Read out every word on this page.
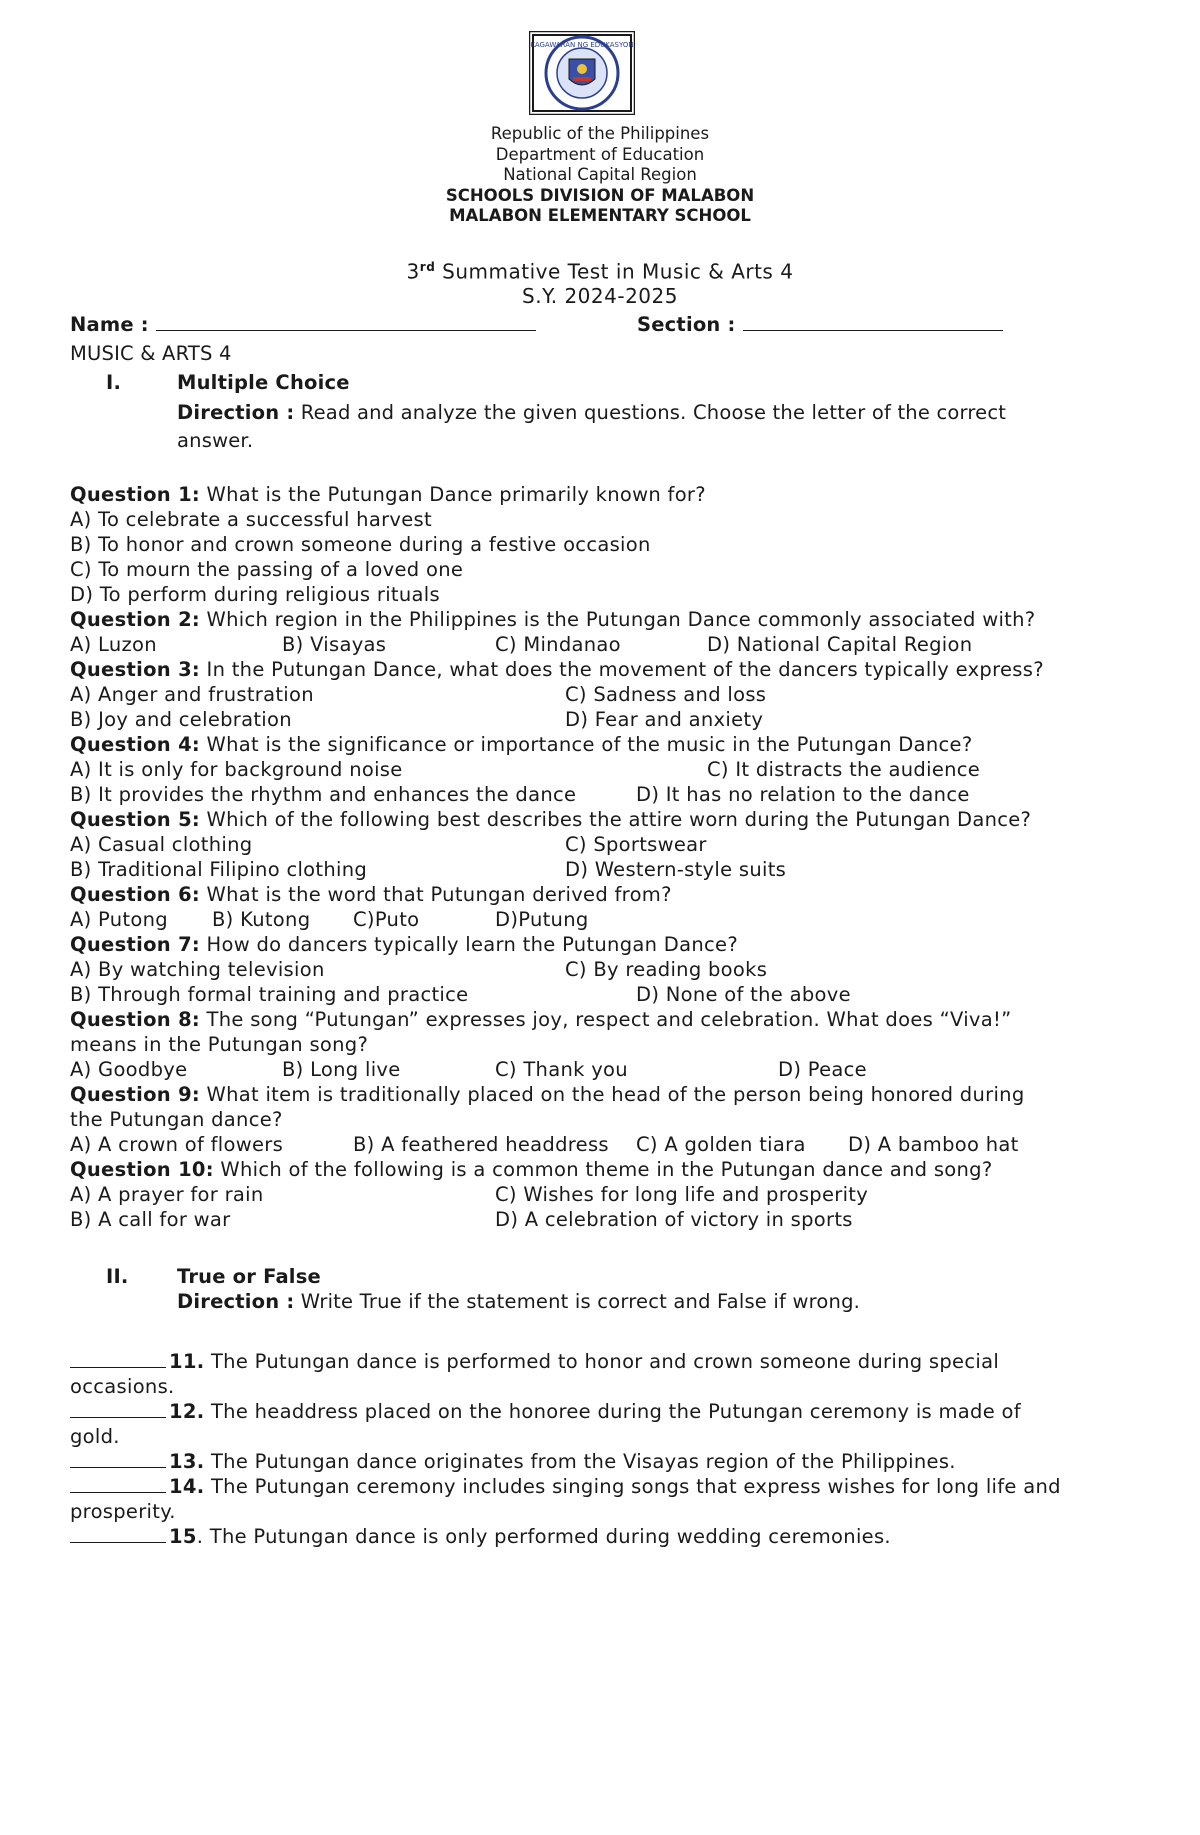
KAGAWARAN NG EDUKASYON
Republic of the Philippines
Department of Education
National Capital Region
SCHOOLS DIVISION OF MALABON
MALABON ELEMENTARY SCHOOL
3rd Summative Test in Music & Arts 4
S.Y. 2024-2025
Name :	Section :
MUSIC & ARTS 4
I.	Multiple Choice
Direction : Read and analyze the given questions. Choose the letter of the correct
answer.
Question 1: What is the Putungan Dance primarily known for?
A) To celebrate a successful harvest
B) To honor and crown someone during a festive occasion
C) To mourn the passing of a loved one
D) To perform during religious rituals
Question 2: Which region in the Philippines is the Putungan Dance commonly associated with?
A) Luzon	B) Visayas	C) Mindanao	D) National Capital Region
Question 3: In the Putungan Dance, what does the movement of the dancers typically express?
A) Anger and frustration	C) Sadness and loss
B) Joy and celebration	D) Fear and anxiety
Question 4: What is the significance or importance of the music in the Putungan Dance?
A) It is only for background noise	C) It distracts the audience
B) It provides the rhythm and enhances the dance	D) It has no relation to the dance
Question 5: Which of the following best describes the attire worn during the Putungan Dance?
A) Casual clothing	C) Sportswear
B) Traditional Filipino clothing	D) Western-style suits
Question 6: What is the word that Putungan derived from?
A) Putong B) Kutong C)Puto	D)Putung
Question 7: How do dancers typically learn the Putungan Dance?
A) By watching television	C) By reading books
B) Through formal training and practice	D) None of the above
Question 8: The song “Putungan” expresses joy, respect and celebration. What does “Viva!”
means in the Putungan song?
A) Goodbye	B) Long live	C) Thank you	D) Peace
Question 9: What item is traditionally placed on the head of the person being honored during
the Putungan dance?
A) A crown of flowers	B) A feathered headdress C) A golden tiara D) A bamboo hat
Question 10: Which of the following is a common theme in the Putungan dance and song?
A) A prayer for rain	C) Wishes for long life and prosperity
B) A call for war	D) A celebration of victory in sports
II. True or False
Direction : Write True if the statement is correct and False if wrong.
11. The Putungan dance is performed to honor and crown someone during special
occasions.
12. The headdress placed on the honoree during the Putungan ceremony is made of
gold.
13. The Putungan dance originates from the Visayas region of the Philippines.
14. The Putungan ceremony includes singing songs that express wishes for long life and
prosperity.
15. The Putungan dance is only performed during wedding ceremonies.
